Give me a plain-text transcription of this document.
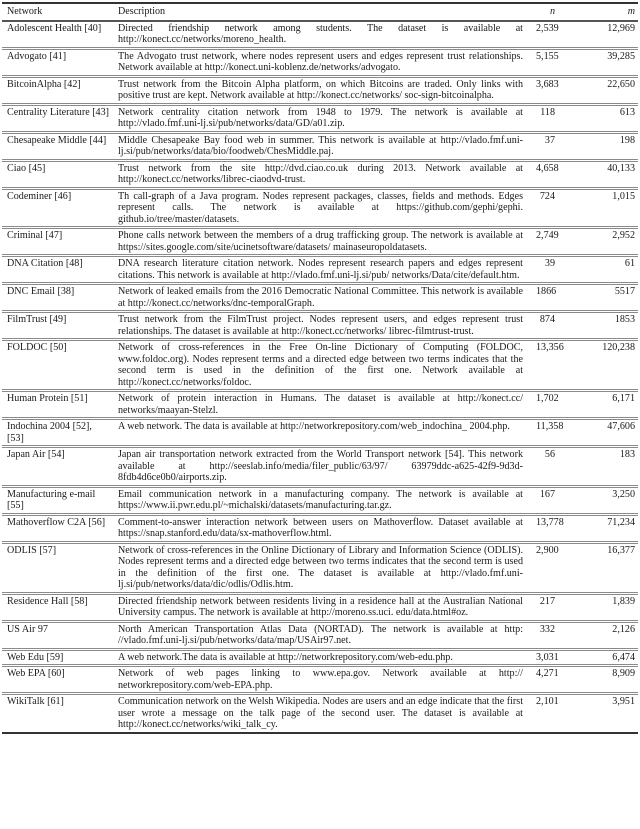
Network	Description	n	m
Adolescent Health [40]	Directed friendship network among students. The dataset is available at http://konect.cc/networks/moreno_health.	2,539	12,969
Advogato [41]	The Advogato trust network, where nodes represent users and edges represent trust relationships. Network available at http://konect.uni-koblenz.de/networks/advogato.	5,155	39,285
BitcoinAlpha [42]	Trust network from the Bitcoin Alpha platform, on which Bitcoins are traded. Only links with positive trust are kept. Network available at http://konect.cc/networks/ soc-sign-bitcoinalpha.	3,683	22,650
Centrality Literature [43]	Network centrality citation network from 1948 to 1979. The network is available at http://vlado.fmf.uni-lj.si/pub/networks/data/GD/a01.zip.	118	613
Chesapeake Middle [44]	Middle Chesapeake Bay food web in summer. This network is available at http://vlado.fmf.uni-lj.si/pub/networks/data/bio/foodweb/ChesMiddle.paj.	37	198
Ciao [45]	Trust network from the site http://dvd.ciao.co.uk during 2013. Network available at http://konect.cc/networks/librec-ciaodvd-trust.	4,658	40,133
Codeminer [46]	Th call-graph of a Java program. Nodes represent packages, classes, fields and methods. Edges represent calls. The network is available at https://github.com/gephi/gephi. github.io/tree/master/datasets.	724	1,015
Criminal [47]	Phone calls network between the members of a drug trafficking group. The network is available at https://sites.google.com/site/ucinetsoftware/datasets/ mainaseuropoldatasets.	2,749	2,952
DNA Citation [48]	DNA research literature citation network. Nodes represent research papers and edges represent citations. This network is available at http://vlado.fmf.uni-lj.si/pub/ networks/Data/cite/default.htm.	39	61
DNC Email [38]	Network of leaked emails from the 2016 Democratic National Committee. This network is available at http://konect.cc/networks/dnc-temporalGraph.	1866	5517
FilmTrust [49]	Trust network from the FilmTrust project. Nodes represent users, and edges represent trust relationships. The dataset is available at http://konect.cc/networks/ librec-filmtrust-trust.	874	1853
FOLDOC [50]	Network of cross-references in the Free On-line Dictionary of Computing (FOLDOC, www.foldoc.org). Nodes represent terms and a directed edge between two terms indicates that the second term is used in the definition of the first one. Network available at http://konect.cc/networks/foldoc.	13,356	120,238
Human Protein [51]	Network of protein interaction in Humans. The dataset is available at http://konect.cc/ networks/maayan-Stelzl.	1,702	6,171
Indochina 2004 [52], [53]	A web network. The data is available at http://networkrepository.com/web_indochina_ 2004.php.	11,358	47,606
Japan Air [54]	Japan air transportation network extracted from the World Transport network [54]. This network available at http://seeslab.info/media/filer_public/63/97/ 63979ddc-a625-42f9-9d3d-8fdb4d6ce0b0/airports.zip.	56	183
Manufacturing e-mail [55]	Email communication network in a manufacturing company. The network is available at https://www.ii.pwr.edu.pl/~michalski/datasets/manufacturing.tar.gz.	167	3,250
Mathoverflow C2A [56]	Comment-to-answer interaction network between users on Mathoverflow. Dataset available at https://snap.stanford.edu/data/sx-mathoverflow.html.	13,778	71,234
ODLIS [57]	Network of cross-references in the Online Dictionary of Library and Information Science (ODLIS). Nodes represent terms and a directed edge between two terms indicates that the second term is used in the definition of the first one. The dataset is available at http://vlado.fmf.uni-lj.si/pub/networks/data/dic/odlis/Odlis.htm.	2,900	16,377
Residence Hall [58]	Directed friendship network between residents living in a residence hall at the Australian National University campus. The network is available at http://moreno.ss.uci. edu/data.html#oz.	217	1,839
US Air 97	North American Transportation Atlas Data (NORTAD). The network is available at http: //vlado.fmf.uni-lj.si/pub/networks/data/map/USAir97.net.	332	2,126
Web Edu [59]	A web network.The data is available at http://networkrepository.com/web-edu.php.	3,031	6,474
Web EPA [60]	Network of web pages linking to www.epa.gov. Network available at http:// networkrepository.com/web-EPA.php.	4,271	8,909
WikiTalk [61]	Communication network on the Welsh Wikipedia. Nodes are users and an edge indicate that the first user wrote a message on the talk page of the second user. The dataset is available at http://konect.cc/networks/wiki_talk_cy.	2,101	3,951
